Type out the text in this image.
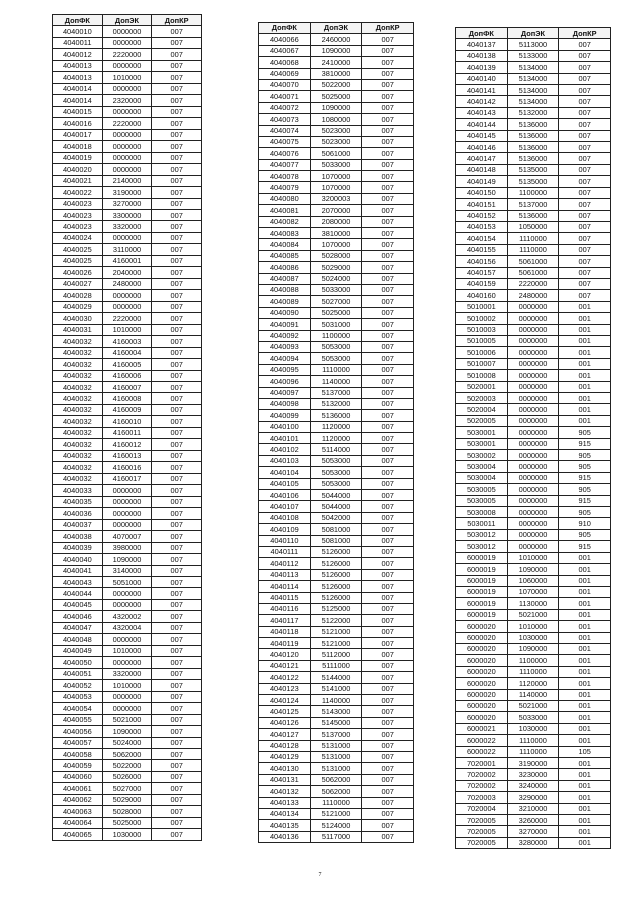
ДопФК	ДопЭК	ДопКР
4040010	0000000	007
4040011	0000000	007
4040012	2220000	007
4040013	0000000	007
4040013	1010000	007
4040014	0000000	007
4040014	2320000	007
4040015	0000000	007
4040016	2220000	007
4040017	0000000	007
4040018	0000000	007
4040019	0000000	007
4040020	0000000	007
4040021	2140000	007
4040022	3190000	007
4040023	3270000	007
4040023	3300000	007
4040023	3320000	007
4040024	0000000	007
4040025	3110000	007
4040025	4160001	007
4040026	2040000	007
4040027	2480000	007
4040028	0000000	007
4040029	0000000	007
4040030	2220000	007
4040031	1010000	007
4040032	4160003	007
4040032	4160004	007
4040032	4160005	007
4040032	4160006	007
4040032	4160007	007
4040032	4160008	007
4040032	4160009	007
4040032	4160010	007
4040032	4160011	007
4040032	4160012	007
4040032	4160013	007
4040032	4160016	007
4040032	4160017	007
4040033	0000000	007
4040035	0000000	007
4040036	0000000	007
4040037	0000000	007
4040038	4070007	007
4040039	3980000	007
4040040	1090000	007
4040041	3140000	007
4040043	5051000	007
4040044	0000000	007
4040045	0000000	007
4040046	4320002	007
4040047	4320004	007
4040048	0000000	007
4040049	1010000	007
4040050	0000000	007
4040051	3320000	007
4040052	1010000	007
4040053	0000000	007
4040054	0000000	007
4040055	5021000	007
4040056	1090000	007
4040057	5024000	007
4040058	5062000	007
4040059	5022000	007
4040060	5026000	007
4040061	5027000	007
4040062	5029000	007
4040063	5028000	007
4040064	5025000	007
4040065	1030000	007
ДопФК	ДопЭК	ДопКР
4040066	2460000	007
4040067	1090000	007
4040068	2410000	007
4040069	3810000	007
4040070	5022000	007
4040071	5025000	007
4040072	1090000	007
4040073	1080000	007
4040074	5023000	007
4040075	5023000	007
4040076	5061000	007
4040077	5033000	007
4040078	1070000	007
4040079	1070000	007
4040080	3200003	007
4040081	2070000	007
4040082	2080000	007
4040083	3810000	007
4040084	1070000	007
4040085	5028000	007
4040086	5029000	007
4040087	5024000	007
4040088	5033000	007
4040089	5027000	007
4040090	5025000	007
4040091	5031000	007
4040092	1100000	007
4040093	5053000	007
4040094	5053000	007
4040095	1110000	007
4040096	1140000	007
4040097	5137000	007
4040098	5132000	007
4040099	5136000	007
4040100	1120000	007
4040101	1120000	007
4040102	5114000	007
4040103	5053000	007
4040104	5053000	007
4040105	5053000	007
4040106	5044000	007
4040107	5044000	007
4040108	5042000	007
4040109	5081000	007
4040110	5081000	007
4040111	5126000	007
4040112	5126000	007
4040113	5126000	007
4040114	5126000	007
4040115	5126000	007
4040116	5125000	007
4040117	5122000	007
4040118	5121000	007
4040119	5121000	007
4040120	5112000	007
4040121	5111000	007
4040122	5144000	007
4040123	5141000	007
4040124	1140000	007
4040125	5143000	007
4040126	5145000	007
4040127	5137000	007
4040128	5131000	007
4040129	5131000	007
4040130	5131000	007
4040131	5062000	007
4040132	5062000	007
4040133	1110000	007
4040134	5121000	007
4040135	5124000	007
4040136	5117000	007
ДопФК	ДопЭК	ДопКР
4040137	5113000	007
4040138	5133000	007
4040139	5134000	007
4040140	5134000	007
4040141	5134000	007
4040142	5134000	007
4040143	5132000	007
4040144	5136000	007
4040145	5136000	007
4040146	5136000	007
4040147	5136000	007
4040148	5135000	007
4040149	5135000	007
4040150	1100000	007
4040151	5137000	007
4040152	5136000	007
4040153	1050000	007
4040154	1110000	007
4040155	1110000	007
4040156	5061000	007
4040157	5061000	007
4040159	2220000	007
4040160	2480000	007
5010001	0000000	001
5010002	0000000	001
5010003	0000000	001
5010005	0000000	001
5010006	0000000	001
5010007	0000000	001
5010008	0000000	001
5020001	0000000	001
5020003	0000000	001
5020004	0000000	001
5020005	0000000	001
5030001	0000000	905
5030001	0000000	915
5030002	0000000	905
5030004	0000000	905
5030004	0000000	915
5030005	0000000	905
5030005	0000000	915
5030008	0000000	905
5030011	0000000	910
5030012	0000000	905
5030012	0000000	915
6000019	1010000	001
6000019	1090000	001
6000019	1060000	001
6000019	1070000	001
6000019	1130000	001
6000019	5021000	001
6000020	1010000	001
6000020	1030000	001
6000020	1090000	001
6000020	1100000	001
6000020	1110000	001
6000020	1120000	001
6000020	1140000	001
6000020	5021000	001
6000020	5033000	001
6000021	1030000	001
6000022	1110000	001
6000022	1110000	105
7020001	3190000	001
7020002	3230000	001
7020002	3240000	001
7020003	3290000	001
7020004	3210000	001
7020005	3260000	001
7020005	3270000	001
7020005	3280000	001
7
